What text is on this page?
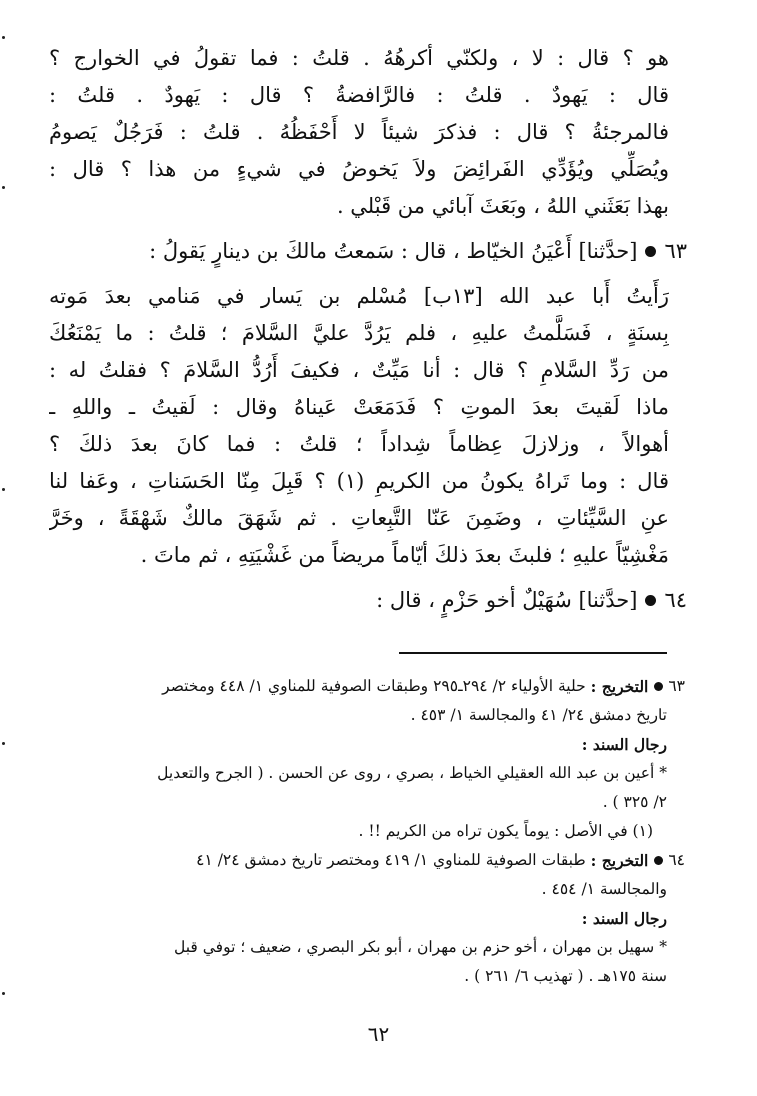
هو ؟ قال : لا ، ولكنّي أكرهُهُ . قلتُ : فما تقولُ في الخوارج ؟
قال : يَهودٌ . قلتُ : فالرَّافضةُ ؟ قال : يَهودٌ . قلتُ :
فالمرجئةُ ؟ قال : فذكرَ شيئاً لا أَحْفَظُهُ . قلتُ : فَرَجُلٌ يَصومُ
ويُصَلِّي ويُؤَدِّي الفَرائِضَ ولاَ يَخوضُ في شيءٍ من هذا ؟ قال :
بهذا بَعَثَني اللهُ ، وبَعَثَ آبائي من قَبْلي .
٦٣
[حدَّثنا] أَعْيَنُ الخيّاط ، قال : سَمعتُ مالكَ بن دينارٍ يَقولُ :
رَأَيتُ أَبا عبد الله [١٣ب] مُسْلم بن يَسار في مَنامي بعدَ مَوته
بِسنَةٍ ، فَسَلَّمتُ عليهِ ، فلم يَرُدَّ عليَّ السَّلامَ ؛ قلتُ : ما يَمْنَعُكَ
من رَدِّ السَّلامِ ؟ قال : أنا مَيِّتٌ ، فكيفَ أَرُدُّ السَّلامَ ؟ فقلتُ له :
ماذا لَقيتَ بعدَ الموتِ ؟ فَدَمَعَتْ عَيناهُ وقال : لَقيتُ ـ واللهِ ـ
أهوالاً ، وزلازلَ عِظاماً شِداداً ؛ قلتُ : فما كانَ بعدَ ذلكَ ؟
قال : وما تَراهُ يكونُ من الكريمِ (١) ؟ قَبِلَ مِنّا الحَسَناتِ ، وعَفا لنا
عنِ السَّيِّئاتِ ، وضَمِنَ عَنّا التَّبِعاتِ . ثم شَهَقَ مالكٌ شَهْقَةً ، وخَرَّ
مَغْشِيّاً عليهِ ؛ فلبثَ بعدَ ذلكَ أيّاماً مريضاً من غَشْيَتِهِ ، ثم ماتَ .
٦٤
[حدَّثنا] سُهَيْلٌ أخو حَزْمٍ ، قال :
٦٣
التخريج :

حلية الأولياء ٢/ ٢٩٤ـ٢٩٥ وطبقات الصوفية للمناوي ١/ ٤٤٨ ومختصر
تاريخ دمشق ٢٤/ ٤١ والمجالسة ١/ ٤٥٣ .
رجال السند :
*أعين بن عبد الله العقيلي الخياط ، بصري ، روى عن الحسن . ( الجرح والتعديل
٢/ ٣٢٥ ) .
(١) في الأصل : يوماً يكون تراه من الكريم !! .
٦٤
التخريج :

طبقات الصوفية للمناوي ١/ ٤١٩ ومختصر تاريخ دمشق ٢٤/ ٤١
والمجالسة ١/ ٤٥٤ .
رجال السند :
*سهيل بن مهران ، أخو حزم بن مهران ، أبو بكر البصري ، ضعيف ؛ توفي قبل
سنة ١٧٥هـ . ( تهذيب ٦/ ٢٦١ ) .
٦٢
